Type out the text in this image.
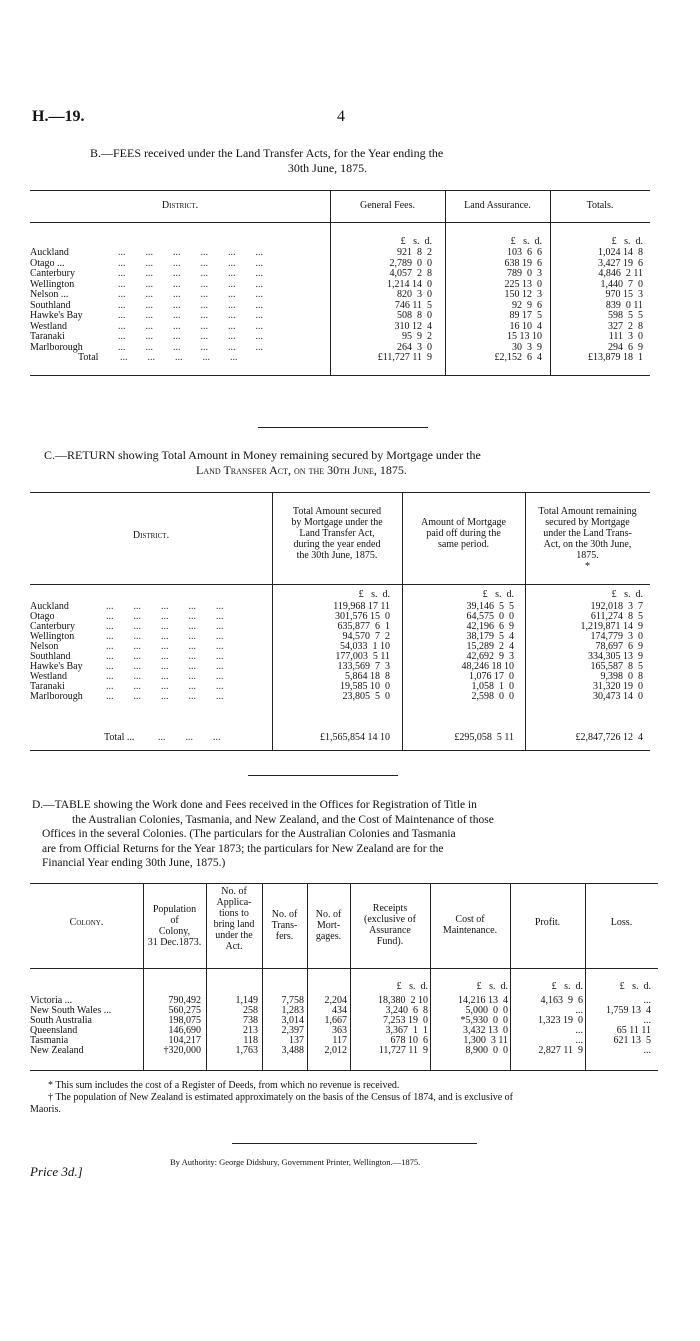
H.—19.	4
B.—FEES received under the Land Transfer Acts, for the Year ending the
30th June, 1875.
District.	General Fees.	Land Assurance.	Totals.
£   s.  d.	£   s.  d.	£   s.  d.
Auckland	...        ...        ...        ...        ...        ...	921  8  2	103  6  6	1,024 14  8
Otago ...	...        ...        ...        ...        ...        ...	2,789  0  0	638 19  6	3,427 19  6
Canterbury	...        ...        ...        ...        ...        ...	4,057  2  8	789  0  3	4,846  2 11
Wellington	...        ...        ...        ...        ...        ...	1,214 14  0	225 13  0	1,440  7  0
Nelson ...	...        ...        ...        ...        ...        ...	820  3  0	150 12  3	970 15  3
Southland	...        ...        ...        ...        ...        ...	746 11  5	92  9  6	839  0 11
Hawke's Bay	...        ...        ...        ...        ...        ...	508  8  0	89 17  5	598  5  5
Westland	...        ...        ...        ...        ...        ...	310 12  4	16 10  4	327  2  8
Taranaki	...        ...        ...        ...        ...        ...	95  9  2	15 13 10	111  3  0
Marlborough	...        ...        ...        ...        ...        ...	264  3  0	30  3  9	294  6  9
Total ...        ...        ...        ...        ...	£11,727 11  9	£2,152  6  4	£13,879 18  1
C.—RETURN showing Total Amount in Money remaining secured by Mortgage under the
Land Transfer Act, on the 30th June, 1875.
District.
Total Amount secured
by Mortgage under the
Land Transfer Act,
during the year ended
the 30th June, 1875.
Amount of Mortgage
paid off during the
same period.
Total Amount remaining
secured by Mortgage
under the Land Trans-
Act, on the 30th June,
1875.
*
£   s.  d.	£   s.  d.	£   s.  d.
Auckland	...        ...        ...        ...        ...	119,968 17 11	39,146  5  5	192,018  3  7
Otago	...        ...        ...        ...        ...	301,576 15  0	64,575  0  0	611,274  8  5
Canterbury	...        ...        ...        ...        ...	635,877  6  1	42,196  6  9	1,219,871 14  9
Wellington	...        ...        ...        ...        ...	94,570  7  2	38,179  5  4	174,779  3  0
Nelson	...        ...        ...        ...        ...	54,033  1 10	15,289  2  4	78,697  6  9
Southland	...        ...        ...        ...        ...	177,003  5 11	42,692  9  3	334,305 13  9
Hawke's Bay ...        ...        ...        ...        ...	133,569  7  3	48,246 18 10	165,587  8  5
Westland	...        ...        ...        ...        ...	5,864 18  8	1,076 17  0	9,398  0  8
Taranaki	...        ...        ...        ...        ...	19,585 10  0	1,058  1  0	31,320 19  0
Marlborough ...        ...        ...        ...        ...	23,805  5  0	2,598  0  0	30,473 14  0
Total ... ...        ...        ...	£1,565,854 14 10	£295,058  5 11	£2,847,726 12  4
D.—TABLE showing the Work done and Fees received in the Offices for Registration of Title in
the Australian Colonies, Tasmania, and New Zealand, and the Cost of Maintenance of those
Offices in the several Colonies. (The particulars for the Australian Colonies and Tasmania
are from Official Returns for the Year 1873; the particulars for New Zealand are for the
Financial Year ending 30th June, 1875.)
Colony.
Population
of
Colony,
31 Dec.1873.
No. of
Applica-
tions to
bring land
under the
Act.
No. of
Trans-
fers.
No. of
Mort-
gages.
Receipts
(exclusive of
Assurance
Fund).
Cost of
Maintenance.
Profit.	Loss.
£   s.  d.	£   s.  d.	£   s.  d.	£   s.  d.
Victoria ...	790,492	1,149	7,758	2,204	18,380  2 10	14,216 13  4	4,163  9  6	...
New South Wales ...	560,275	258	1,283	434	3,240  6  8	5,000  0  0	...	1,759 13  4
South Australia	198,075	738	3,014	1,667	7,253 19  0	*5,930  0  0	1,323 19  0	...
Queensland	146,690	213	2,397	363	3,367  1  1	3,432 13  0	...	65 11 11
Tasmania	104,217	118	137	117	678 10  6	1,300  3 11	...	621 13  5
New Zealand	†320,000	1,763	3,488	2,012	11,727 11  9	8,900  0  0	2,827 11  9	...
* This sum includes the cost of a Register of Deeds, from which no revenue is received.
† The population of New Zealand is estimated approximately on the basis of the Census of 1874, and is exclusive of
Maoris.
By Authority: George Didsbury, Government Printer, Wellington.—1875.
Price 3d.]
